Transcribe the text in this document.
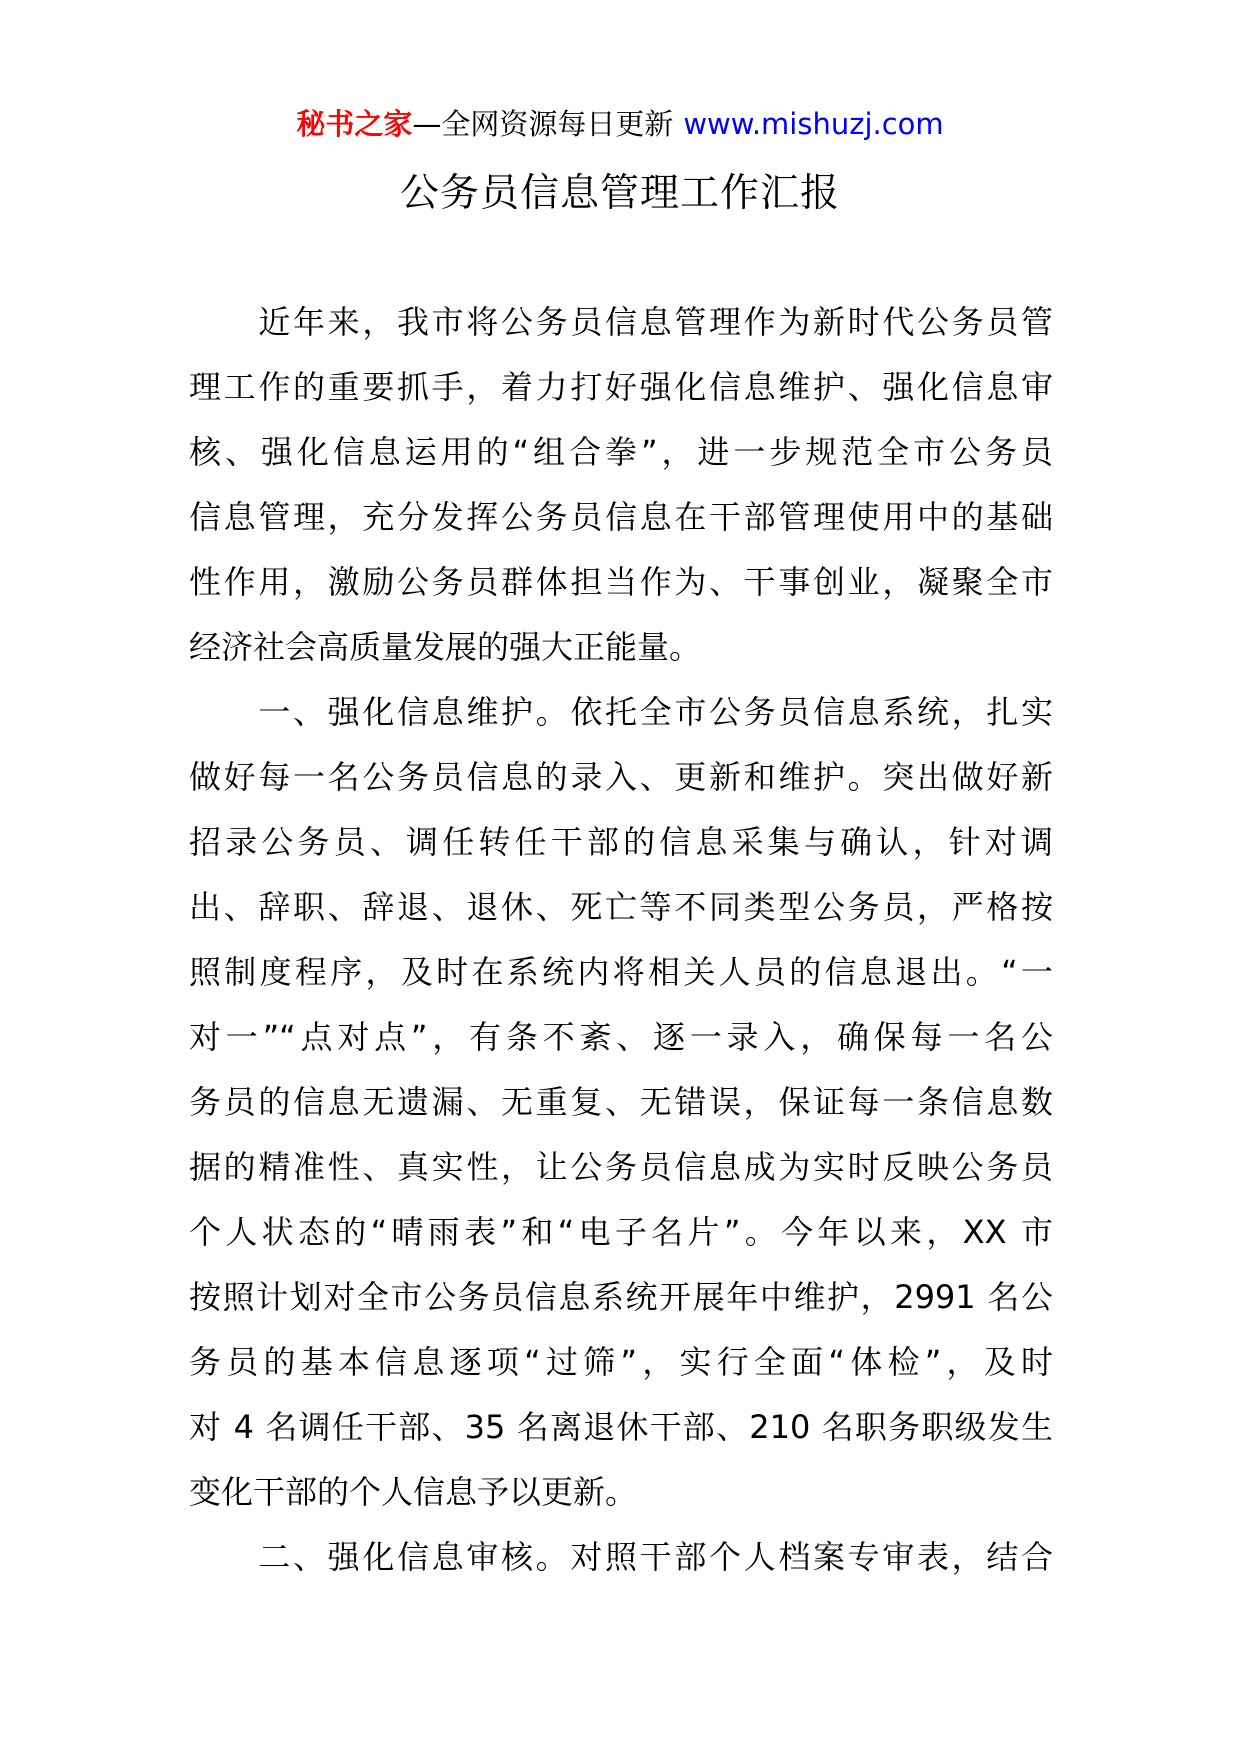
秘书之家—全网资源每日更新 www.mishuzj.com
公务员信息管理工作汇报
　　近年来，我市将公务员信息管理作为新时代公务员管
理工作的重要抓手，着力打好强化信息维护、强化信息审
核、强化信息运用的“组合拳”，进一步规范全市公务员
信息管理，充分发挥公务员信息在干部管理使用中的基础
性作用，激励公务员群体担当作为、干事创业，凝聚全市
经济社会高质量发展的强大正能量。
　　一、强化信息维护。依托全市公务员信息系统，扎实
做好每一名公务员信息的录入、更新和维护。突出做好新
招录公务员、调任转任干部的信息采集与确认，针对调
出、辞职、辞退、退休、死亡等不同类型公务员，严格按
照制度程序，及时在系统内将相关人员的信息退出。“一
对一”“点对点”，有条不紊、逐一录入，确保每一名公
务员的信息无遗漏、无重复、无错误，保证每一条信息数
据的精准性、真实性，让公务员信息成为实时反映公务员
个人状态的“晴雨表”和“电子名片”。今年以来，XX 市
按照计划对全市公务员信息系统开展年中维护，2991 名公
务员的基本信息逐项“过筛”，实行全面“体检”，及时
对 4 名调任干部、35 名离退休干部、210 名职务职级发生
变化干部的个人信息予以更新。
　　二、强化信息审核。对照干部个人档案专审表，结合
